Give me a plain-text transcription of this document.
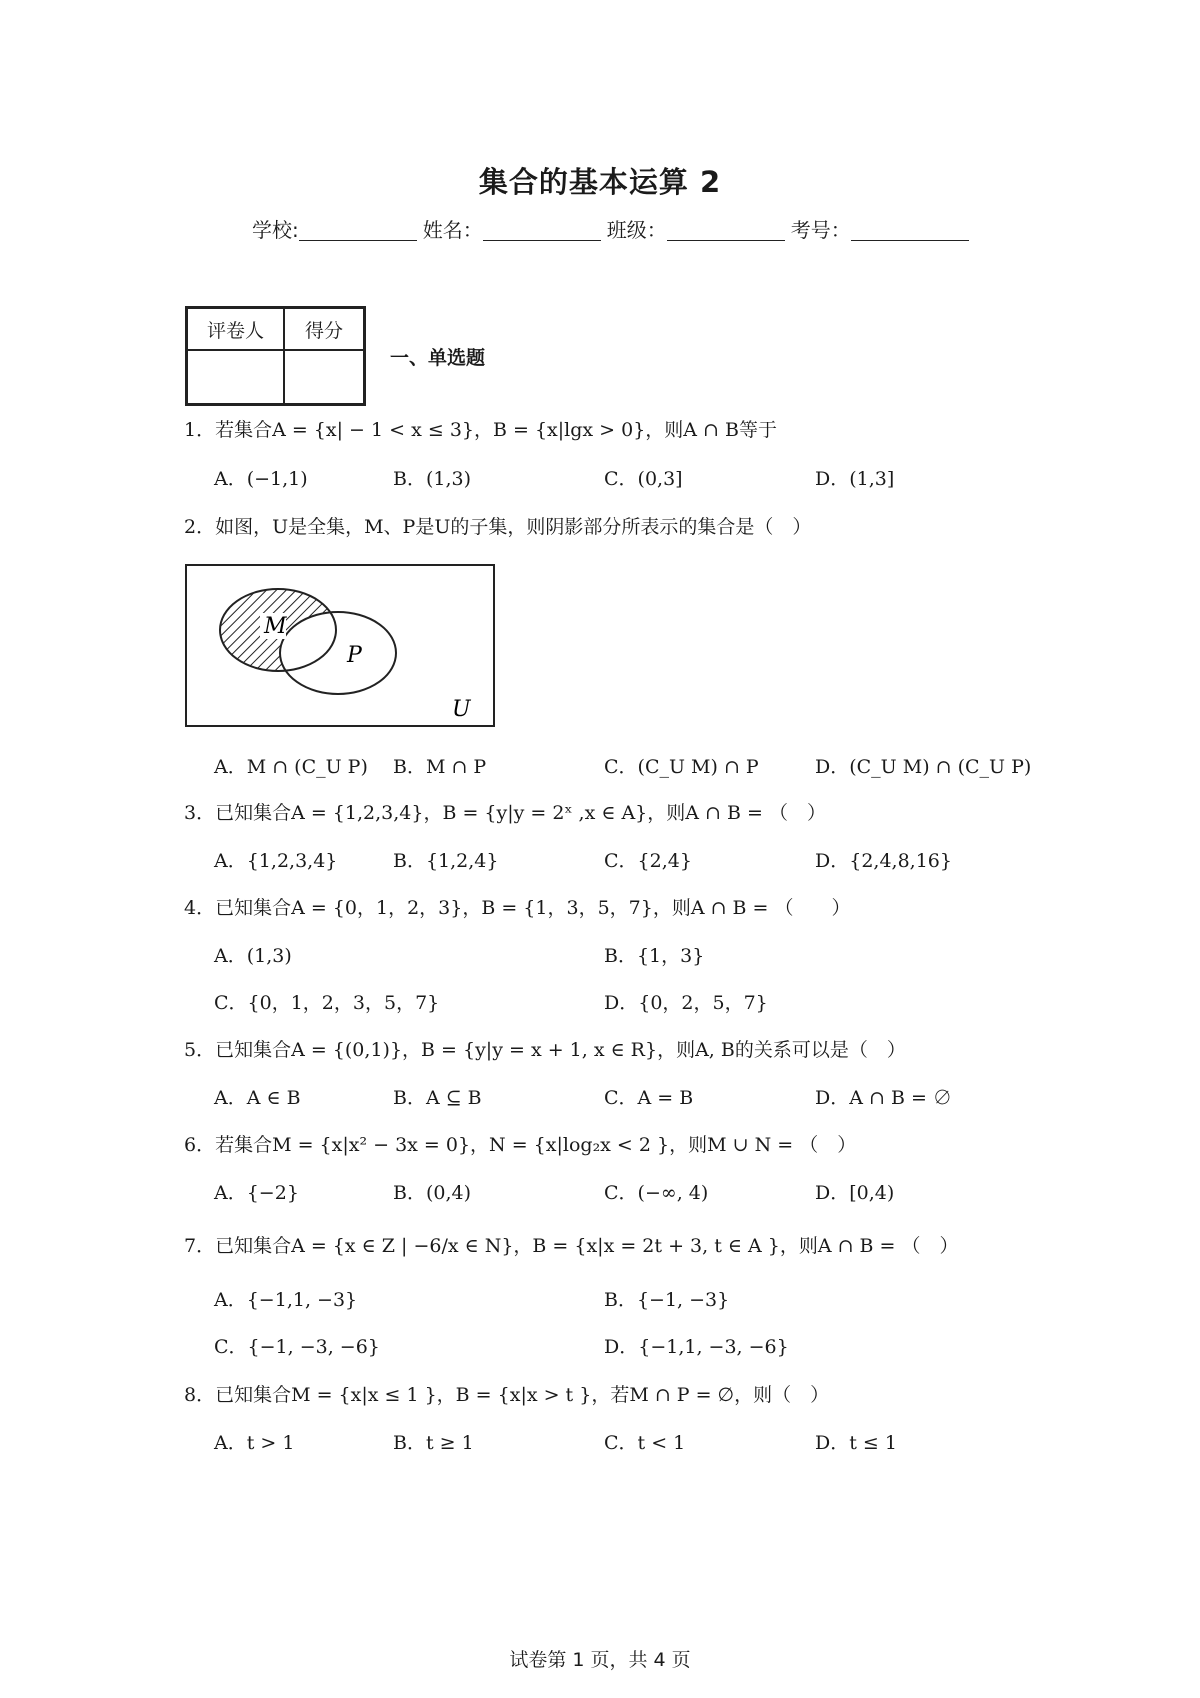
集合的基本运算 2
学校:	姓名：	班级：	考号：
评卷人	得分

一、单选题
1．若集合A = {x| − 1 < x ≤ 3}，B = {x|lgx > 0}，则A ∩ B等于
A．(−1,1)	B．(1,3)	C．(0,3]	D．(1,3]
2．如图，U是全集，M、P是U的子集，则阴影部分所表示的集合是（　）
M
P
U
A．M ∩ (C_U P) B．M ∩ P	C．(C_U M) ∩ P	D．(C_U M) ∩ (C_U P)
3．已知集合A = {1,2,3,4}，B = {y|y = 2ˣ ,x ∈ A}，则A ∩ B = （　）
A．{1,2,3,4}	B．{1,2,4}	C．{2,4}	D．{2,4,8,16}
4．已知集合A = {0，1，2，3}，B = {1，3，5，7}，则A ∩ B = （　　）
A．(1,3)	B．{1，3}
C．{0，1，2，3，5，7}	D．{0，2，5，7}
5．已知集合A = {(0,1)}，B = {y|y = x + 1, x ∈ R}，则A, B的关系可以是（　）
A．A ∈ B	B．A ⊆ B	C．A = B	D．A ∩ B = ∅
6．若集合M = {x|x² − 3x = 0}，N = {x|log₂x < 2 }，则M ∪ N = （　）
A．{−2}	B．(0,4)	C．(−∞, 4)	D．[0,4)
7．已知集合A = {x ∈ Z | −6/x ∈ N}，B = {x|x = 2t + 3, t ∈ A }，则A ∩ B = （　）
A．{−1,1, −3}	B．{−1, −3}
C．{−1, −3, −6}	D．{−1,1, −3, −6}
8．已知集合M = {x|x ≤ 1 }，B = {x|x > t }，若M ∩ P = ∅，则（　）
A．t > 1	B．t ≥ 1	C．t < 1	D．t ≤ 1
试卷第 1 页，共 4 页
